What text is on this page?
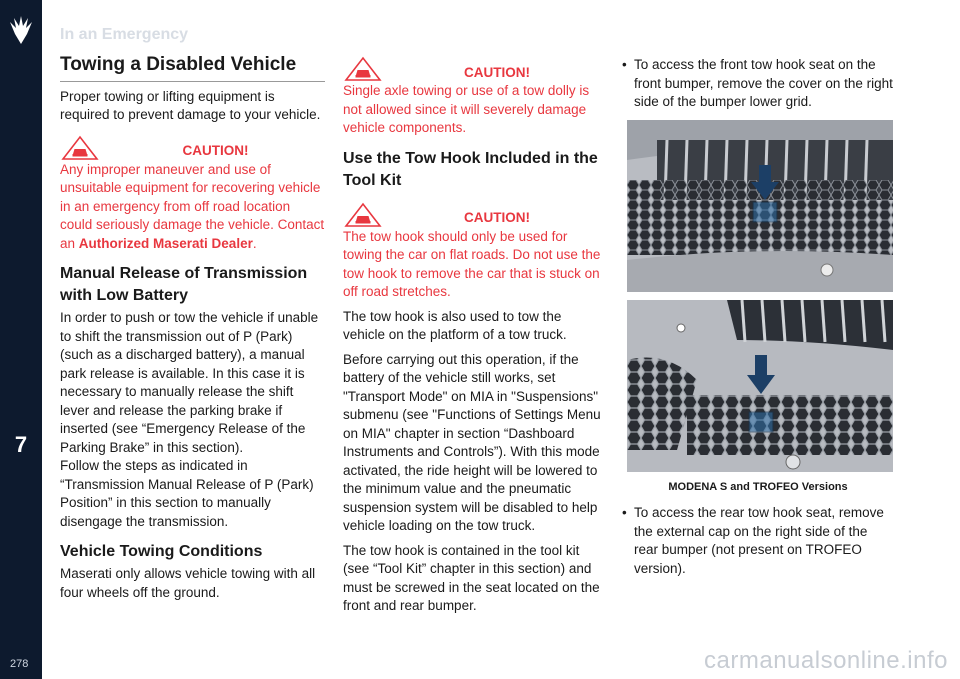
7
278
In an Emergency
Towing a Disabled Vehicle

Proper towing or lifting equipment is required to prevent damage to your vehicle.

CAUTION!
Any improper maneuver and use of unsuitable equipment for recovering vehicle in an emergency from off road location could seriously damage the vehicle. Contact an Authorized Maserati Dealer.
Manual Release of Transmission with Low Battery
In order to push or tow the vehicle if unable to shift the transmission out of P (Park) (such as a discharged battery), a manual park release is available. In this case it is necessary to manually release the shift lever and release the parking brake if inserted (see “Emergency Release of the Parking Brake” in this section).
Follow the steps as indicated in “Transmission Manual Release of P (Park) Position” in this section to manually disengage the transmission.
Vehicle Towing Conditions
Maserati only allows vehicle towing with all four wheels off the ground.
CAUTION!
Single axle towing or use of a tow dolly is not allowed since it will severely damage vehicle components.
Use the Tow Hook Included in the Tool Kit
CAUTION!
The tow hook should only be used for towing the car on flat roads. Do not use the tow hook to remove the car that is stuck on off road stretches.

The tow hook is also used to tow the vehicle on the platform of a tow truck.

Before carrying out this operation, if the battery of the vehicle still works, set "Transport Mode" on MIA in "Suspensions" submenu (see "Functions of Settings Menu on MIA" chapter in section “Dashboard Instruments and Controls”). With this mode activated, the ride height will be lowered to the minimum value and the pneumatic suspension system will be disabled to help vehicle loading on the tow truck.

The tow hook is contained in the tool kit (see “Tool Kit” chapter in this section) and must be screwed in the seat located on the front and rear bumper.

• To access the front tow hook seat on the front bumper, remove the cover on the right side of the bumper lower grid.
MODENA S and TROFEO Versions
• To access the rear tow hook seat, remove the external cap on the right side of the rear bumper (not present on TROFEO version).
carmanualsonline.info
